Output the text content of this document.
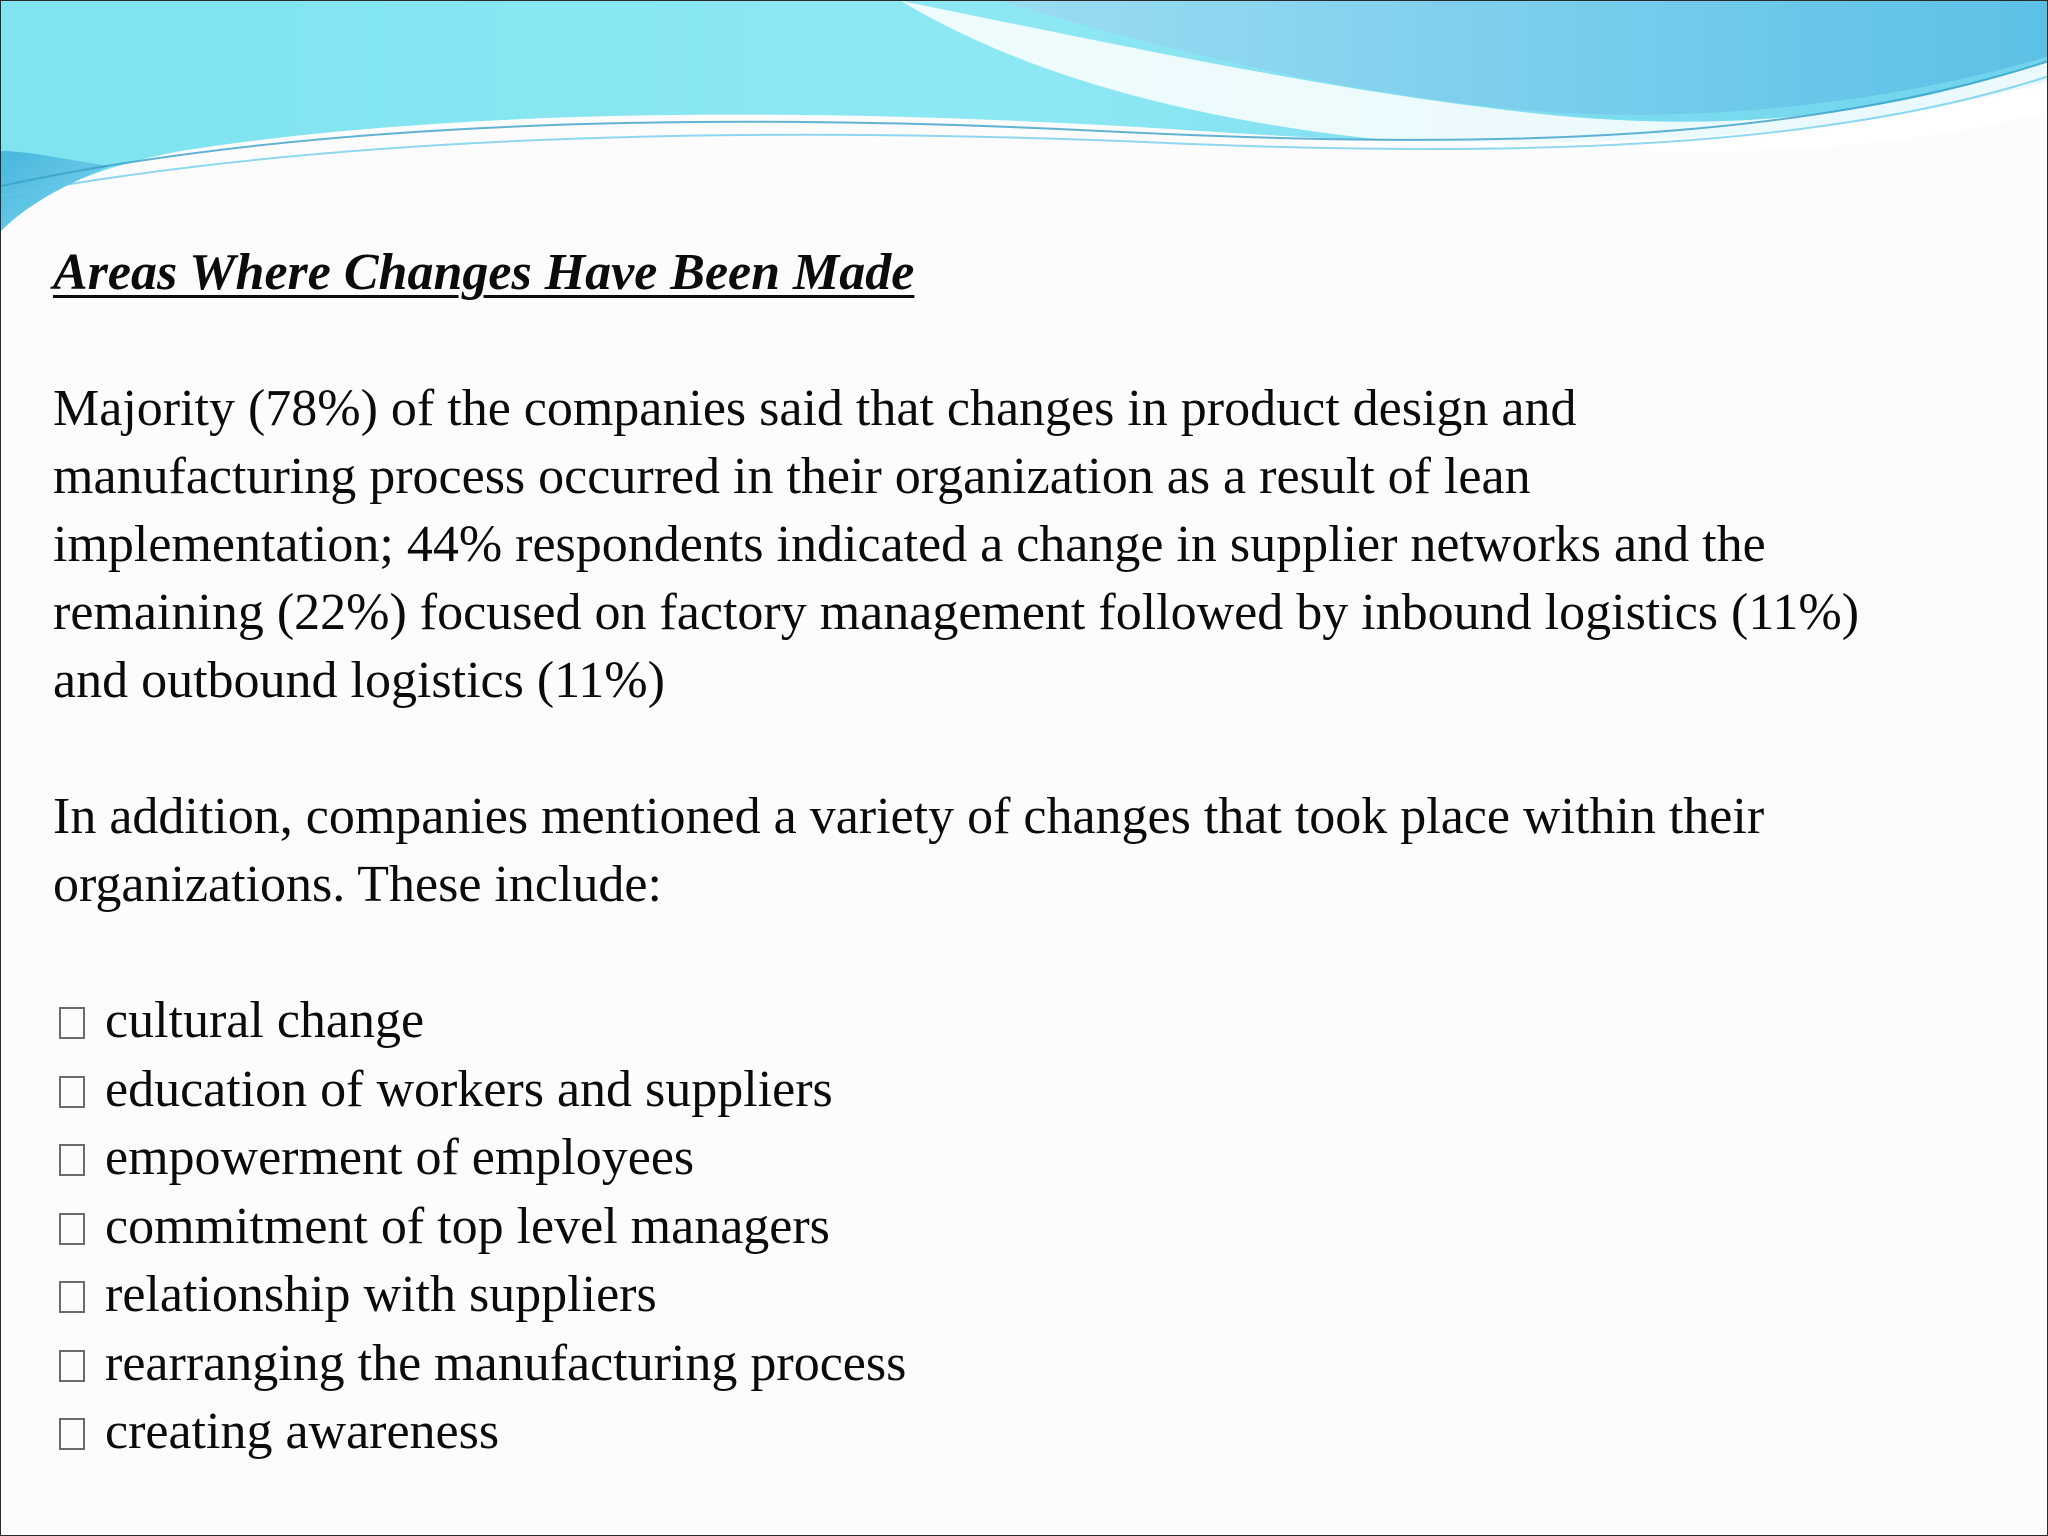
Areas Where Changes Have Been Made

Majority (78%) of the companies said that changes in product design and
manufacturing process occurred in their organization as a result of lean
implementation; 44% respondents indicated a change in supplier networks and the
remaining (22%) focused on factory management followed by inbound logistics (11%)
and outbound logistics (11%)

In addition, companies mentioned a variety of changes that took place within their
organizations. These include:

cultural change
education of workers and suppliers
empowerment of employees
commitment of top level managers
relationship with suppliers
rearranging the manufacturing process
creating awareness
